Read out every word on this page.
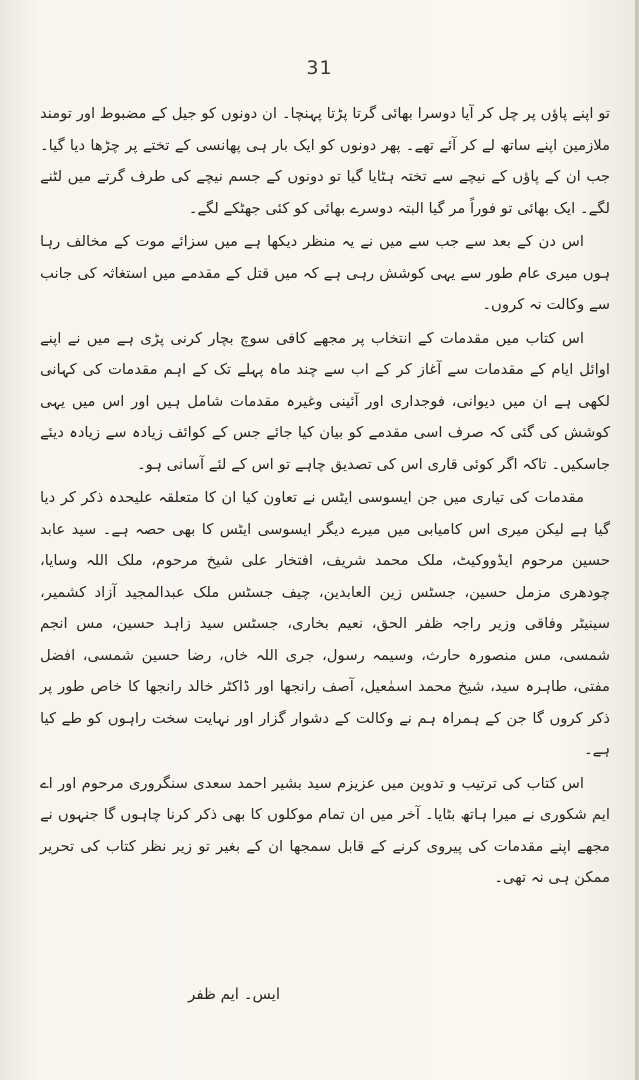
31

تو اپنے پاؤں پر چل کر آیا دوسرا بھائی گرتا پڑتا پہنچا۔ ان دونوں کو جیل کے مضبوط اور تومند ملازمین اپنے ساتھ لے کر آئے تھے۔ پھر دونوں کو ایک بار ہی پھانسی کے تختے پر چڑھا دیا گیا۔ جب ان کے پاؤں کے نیچے سے تختہ ہٹایا گیا تو دونوں کے جسم نیچے کی طرف گرتے میں لٹنے لگے۔ ایک بھائی تو فوراً مر گیا البتہ دوسرے بھائی کو کئی جھٹکے لگے۔

اس دن کے بعد سے جب سے میں نے یہ منظر دیکھا ہے میں سزائے موت کے مخالف رہا ہوں میری عام طور سے یہی کوشش رہی ہے کہ میں قتل کے مقدمے میں استغاثہ کی جانب سے وکالت نہ کروں۔

اس کتاب میں مقدمات کے انتخاب پر مجھے کافی سوچ بچار کرنی پڑی ہے میں نے اپنے اوائل ایام کے مقدمات سے آغاز کر کے اب سے چند ماہ پہلے تک کے اہم مقدمات کی کہانی لکھی ہے ان میں دیوانی، فوجداری اور آئینی وغیرہ مقدمات شامل ہیں اور اس میں یہی کوشش کی گئی کہ صرف اسی مقدمے کو بیان کیا جائے جس کے کوائف زیادہ سے زیادہ دیئے جاسکیں۔ تاکہ اگر کوئی قاری اس کی تصدیق چاہے تو اس کے لئے آسانی ہو۔

مقدمات کی تیاری میں جن ایسوسی ایٹس نے تعاون کیا ان کا متعلقہ علیحدہ ذکر کر دیا گیا ہے لیکن میری اس کامیابی میں میرے دیگر ایسوسی ایٹس کا بھی حصہ ہے۔ سید عابد حسین مرحوم ایڈووکیٹ، ملک محمد شریف، افتخار علی شیخ مرحوم، ملک اللہ وسایا، چودھری مزمل حسین، جسٹس زین العابدین، چیف جسٹس ملک عبدالمجید آزاد کشمیر، سینیٹر وفاقی وزیر راجہ ظفر الحق، نعیم بخاری، جسٹس سید زاہد حسین، مس انجم شمسی، مس منصورہ حارث، وسیمہ رسول، جری اللہ خاں، رضا حسین شمسی، افضل مفتی، طاہرہ سید، شیخ محمد اسمٰعیل، آصف رانجھا اور ڈاکٹر خالد رانجھا کا خاص طور پر ذکر کروں گا جن کے ہمراہ ہم نے وکالت کے دشوار گزار اور نہایت سخت راہوں کو طے کیا ہے۔

اس کتاب کی ترتیب و تدوین میں عزیزم سید بشیر احمد سعدی سنگروری مرحوم اور اے ایم شکوری نے میرا ہاتھ بٹایا۔ آخر میں ان تمام موکلوں کا بھی ذکر کرنا چاہوں گا جنہوں نے مجھے اپنے مقدمات کی پیروی کرنے کے قابل سمجھا ان کے بغیر تو زیر نظر کتاب کی تحریر ممکن ہی نہ تھی۔

ایس۔ ایم ظفر
